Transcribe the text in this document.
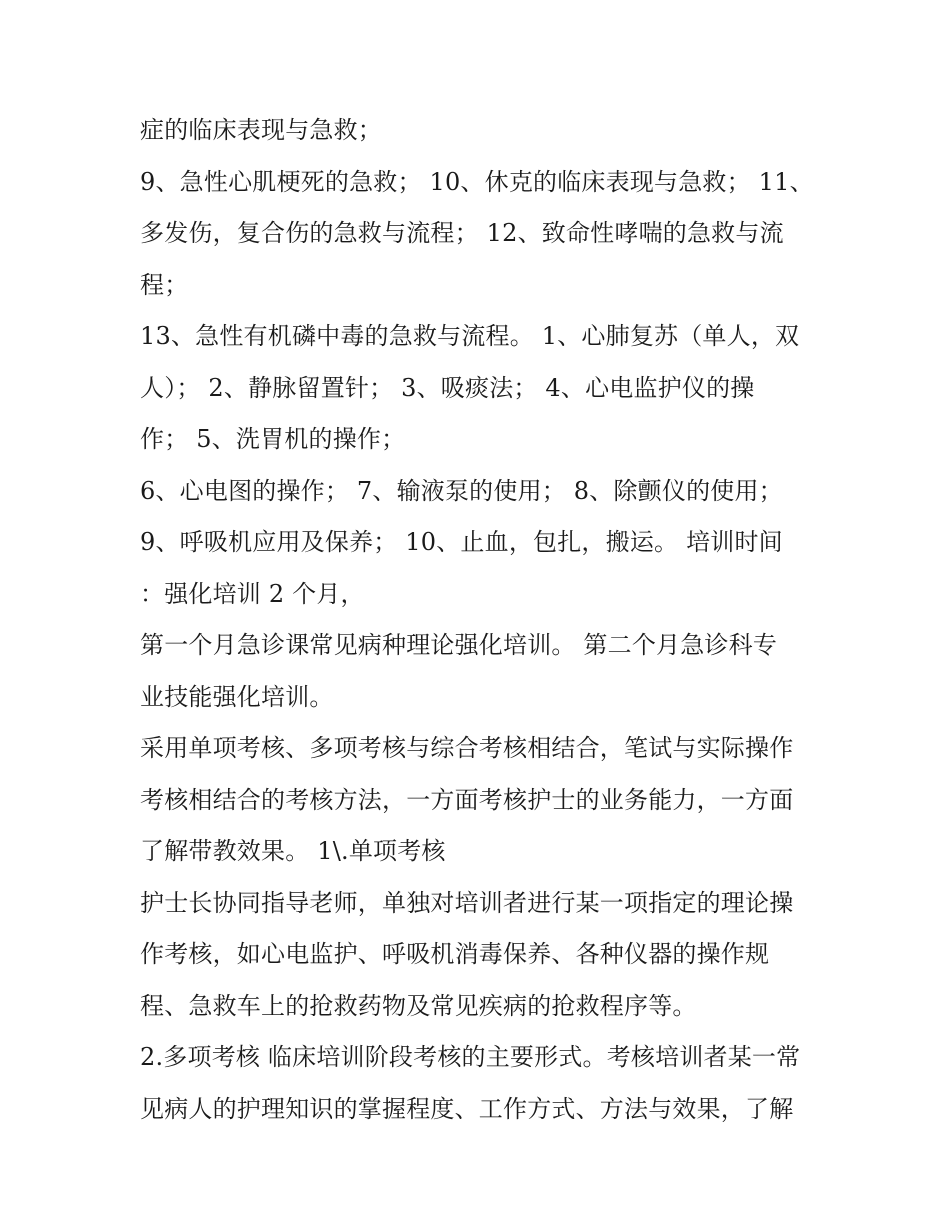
症的临床表现与急救；
9、急性心肌梗死的急救； 10、休克的临床表现与急救； 11、
多发伤，复合伤的急救与流程； 12、致命性哮喘的急救与流
程；
13、急性有机磷中毒的急救与流程。 1、心肺复苏（单人，双
人）； 2、静脉留置针； 3、吸痰法； 4、心电监护仪的操
作； 5、洗胃机的操作；
6、心电图的操作； 7、输液泵的使用； 8、除颤仪的使用；
9、呼吸机应用及保养； 10、止血，包扎，搬运。 培训时间
：强化培训 2 个月，
第一个月急诊课常见病种理论强化培训。 第二个月急诊科专
业技能强化培训。
采用单项考核、多项考核与综合考核相结合，笔试与实际操作
考核相结合的考核方法，一方面考核护士的业务能力，一方面
了解带教效果。 1\.单项考核
护士长协同指导老师，单独对培训者进行某一项指定的理论操
作考核，如心电监护、呼吸机消毒保养、各种仪器的操作规
程、急救车上的抢救药物及常见疾病的抢救程序等。
2.多项考核 临床培训阶段考核的主要形式。考核培训者某一常
见病人的护理知识的掌握程度、工作方式、方法与效果，了解
